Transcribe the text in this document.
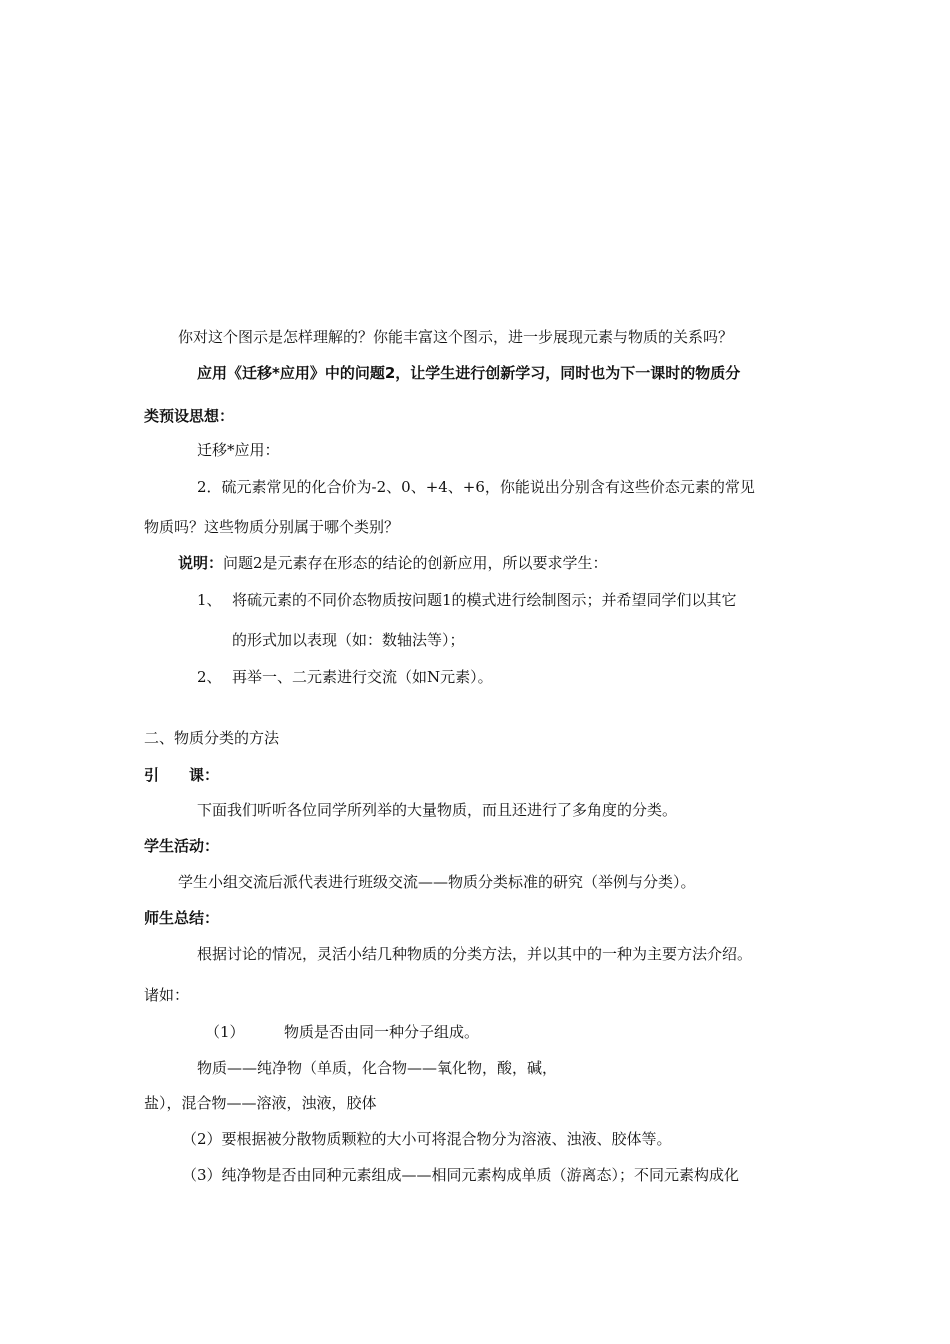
你对这个图示是怎样理解的？你能丰富这个图示，进一步展现元素与物质的关系吗？
应用《迁移*应用》中的问题2，让学生进行创新学习，同时也为下一课时的物质分
类预设思想：
迁移*应用：
2．硫元素常见的化合价为-2、0、+4、+6，你能说出分别含有这些价态元素的常见
物质吗？这些物质分别属于哪个类别？
说明：问题2是元素存在形态的结论的创新应用，所以要求学生：
1、 将硫元素的不同价态物质按问题1的模式进行绘制图示；并希望同学们以其它
的形式加以表现（如：数轴法等）；
2、 再举一、二元素进行交流（如N元素）。
二、物质分类的方法
引　　课：
下面我们听听各位同学所列举的大量物质，而且还进行了多角度的分类。
学生活动：
学生小组交流后派代表进行班级交流——物质分类标准的研究（举例与分类）。
师生总结：
根据讨论的情况，灵活小结几种物质的分类方法，并以其中的一种为主要方法介绍。
诸如：
（1）	物质是否由同一种分子组成。
物质——纯净物（单质，化合物——氧化物，酸，碱，
盐），混合物——溶液，浊液，胶体
（2）要根据被分散物质颗粒的大小可将混合物分为溶液、浊液、胶体等。
（3）纯净物是否由同种元素组成——相同元素构成单质（游离态）；不同元素构成化
